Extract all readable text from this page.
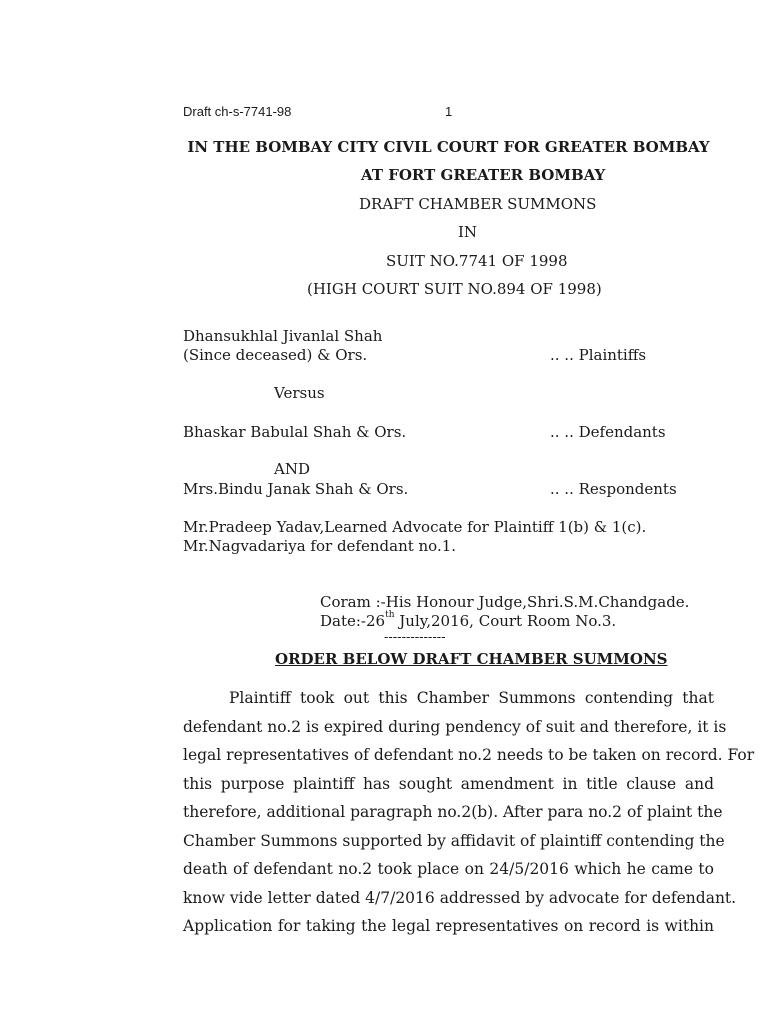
Draft ch-s-7741-98	1
IN THE BOMBAY CITY CIVIL COURT FOR GREATER BOMBAY
AT FORT GREATER BOMBAY
DRAFT CHAMBER SUMMONS
IN
SUIT NO.7741 OF 1998
(HIGH COURT SUIT NO.894 OF 1998)
Dhansukhlal Jivanlal Shah
(Since deceased) & Ors.	.. .. Plaintiffs
Versus
Bhaskar Babulal Shah & Ors.	.. .. Defendants
AND
Mrs.Bindu Janak Shah & Ors.	.. .. Respondents
Mr.Pradeep Yadav,Learned Advocate for Plaintiff 1(b) & 1(c).
Mr.Nagvadariya for defendant no.1.
Coram :-His Honour Judge,Shri.S.M.Chandgade.
Date:-26th July,2016, Court Room No.3.
--------------
ORDER BELOW DRAFT CHAMBER SUMMONS
Plaintiff took out this Chamber Summons contending that
defendant no.2 is expired during pendency of suit and therefore, it is
legal representatives of defendant no.2 needs to be taken on record. For
this purpose plaintiff has sought amendment in title clause and
therefore, additional paragraph no.2(b). After para no.2 of plaint the
Chamber Summons supported by affidavit of plaintiff contending the
death of defendant no.2 took place on 24/5/2016 which he came to
know vide letter dated 4/7/2016 addressed by advocate for defendant.
Application for taking the legal representatives on record is within
